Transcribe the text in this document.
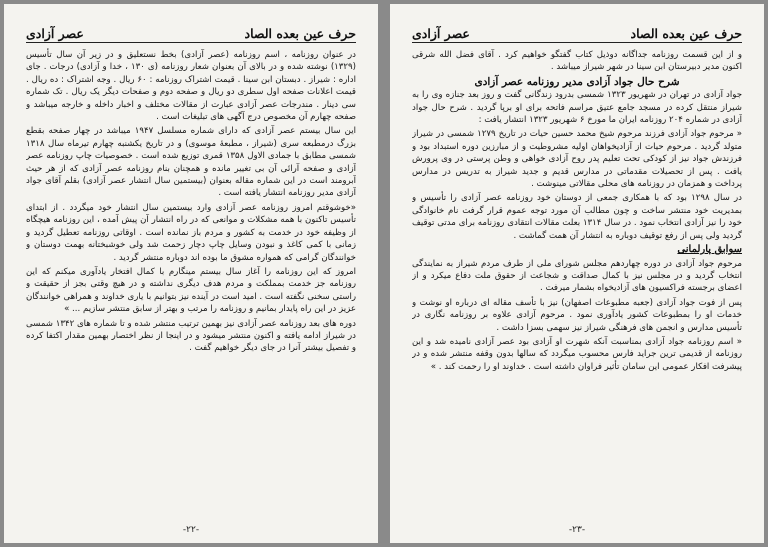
حرف عين بعده الصاد
عصر آزادی

در عنوان روزنامه ، اسم روزنامه (عصر آزادی) بخط نستعلیق و در زیر آن سال تأسیس (۱۳۲۹) نوشته شده و در بالای آن بعنوان شعار روزنامه (ی ۱۳۰ ، خدا و آزادی) درجات . جای اداره : شیراز . دبستان ابن سینا . قیمت اشتراک روزنامه : ۶۰ ریال . وجه اشتراک : ده ریال . قیمت اعلانات صفحه اول سطری دو ریال و صفحه دوم و صفحات دیگر یک ریال . تک شماره سی دینار . مندرجات عصر آزادی عبارت از مقالات مختلف و اخبار داخله و خارجه میباشد و صفحه چهارم آن مخصوص درج آگهی های تبلیغات است .

این سال بیستم عصر آزادی که دارای شماره مسلسل ۱۹۴۷ میباشد در چهار صفحه بقطع بزرگ درمطبعه سری (شیراز ، مطبعهٔ موسوی) و در تاریخ یکشنبه چهارم تیرماه سال ۱۳۱۸ شمسی مطابق با جمادی الاول ۱۳۵۸ قمری توزیع شده است . خصوصیات چاپ روزنامه عصر آزادی و صفحه آرائی آن بی تغییر مانده و همچنان بنام روزنامه عصر آزادی که از هر حیث آبرومند است در این شماره مقاله بعنوان (بیستمین سال انتشار عصر آزادی) بقلم آقای جواد آزادی مدیر روزنامه انتشار یافته است .

«خوشوقتم امروز روزنامه عصر آزادی وارد بیستمین سال انتشار خود میگردد . از ابتدای تأسیس تاکنون با همه مشکلات و موانعی که در راه انتشار آن پیش آمده ، این روزنامه هیچگاه از وظیفه خود در خدمت به کشور و مردم باز نمانده است . اوقاتی روزنامه تعطیل گردید و زمانی با کمی کاغذ و نبودن وسایل چاپ دچار زحمت شد ولی خوشبختانه بهمت دوستان و خوانندگان گرامی که همواره مشوق ما بوده اند دوباره منتشر گردید .

امروز که این روزنامه را آغاز سال بیستم مینگارم با کمال افتخار یادآوری میکنم که این روزنامه جز خدمت بمملکت و مردم هدف دیگری نداشته و در هیچ وقتی بجز از حقیقت و راستی سخنی نگفته است . امید است در آینده نیز بتوانیم با یاری خداوند و همراهی خوانندگان عزیز در این راه پایدار بمانیم و روزنامه را مرتب و بهتر از سابق منتشر سازیم ... »

دوره های بعد روزنامه عصر آزادی نیز بهمین ترتیب منتشر شده و تا شماره های ۱۳۴۲ شمسی در شیراز ادامه یافته و اکنون منتشر میشود و در اینجا از نظر اختصار بهمین مقدار اکتفا کرده و تفصیل بیشتر آنرا در جای دیگر خواهیم گفت .

-۲۲-
حرف عين بعده الصاد
عصر آزادی

و از این قسمت روزنامه جداگانه دوذیل کتاب گفتگو خواهیم کرد . آقای فضل الله شرقی اکنون مدیر دبیرستان ابن سینا در شهر شیراز میباشد .

شرح حال جواد آزادی مدیر روزنامه عصر آزادی

جواد آزادی در تهران در شهریور ۱۳۲۳ شمسی بدرود زندگانی گفت و روز بعد جنازه وی را به شیراز منتقل کرده در مسجد جامع عتیق مراسم فاتحه برای او برپا گردید . شرح حال جواد آزادی در شماره ۲۰۴ روزنامه ایران ما مورخ ۶ شهریور ۱۳۲۳ انتشار یافت :

« مرحوم جواد آزادی فرزند مرحوم شیخ محمد حسین حیات در تاریخ ۱۲۷۹ شمسی در شیراز متولد گردید . مرحوم حیات از آزادیخواهان اولیه مشروطیت و از مبارزین دوره استبداد بود و فرزندش جواد نیز از کودکی تحت تعلیم پدر روح آزادی خواهی و وطن پرستی در وی پرورش یافت . پس از تحصیلات مقدماتی در مدارس قدیم و جدید شیراز به تدریس در مدارس پرداخت و همزمان در روزنامه های محلی مقالاتی مینوشت .

در سال ۱۲۹۸ بود که با همکاری جمعی از دوستان خود روزنامه عصر آزادی را تأسیس و بمدیریت خود منتشر ساخت و چون مطالب آن مورد توجه عموم قرار گرفت نام خانوادگی خود را نیز آزادی انتخاب نمود . در سال ۱۳۱۴ بعلت مقالات انتقادی روزنامه برای مدتی توقیف گردید ولی پس از رفع توقیف دوباره به انتشار آن همت گماشت .

سوابق پارلمانی

مرحوم جواد آزادی در دوره چهاردهم مجلس شورای ملی از طرف مردم شیراز به نمایندگی انتخاب گردید و در مجلس نیز با کمال صداقت و شجاعت از حقوق ملت دفاع میکرد و از اعضای برجسته فراکسیون های آزادیخواه بشمار میرفت .

پس از فوت جواد آزادی (جعبه مطبوعات اصفهان) نیز با تأسف مقاله ای درباره او نوشت و خدمات او را بمطبوعات کشور یادآوری نمود . مرحوم آزادی علاوه بر روزنامه نگاری در تأسیس مدارس و انجمن های فرهنگی شیراز نیز سهمی بسزا داشت .

« اسم روزنامه جواد آزادی بمناسبت آنکه شهرت او آزادی بود عصر آزادی نامیده شد و این روزنامه از قدیمی ترین جراید فارس محسوب میگردد که سالها بدون وقفه منتشر شده و در پیشرفت افکار عمومی این سامان تأثیر فراوان داشته است . خداوند او را رحمت کند . »

-۲۳-
